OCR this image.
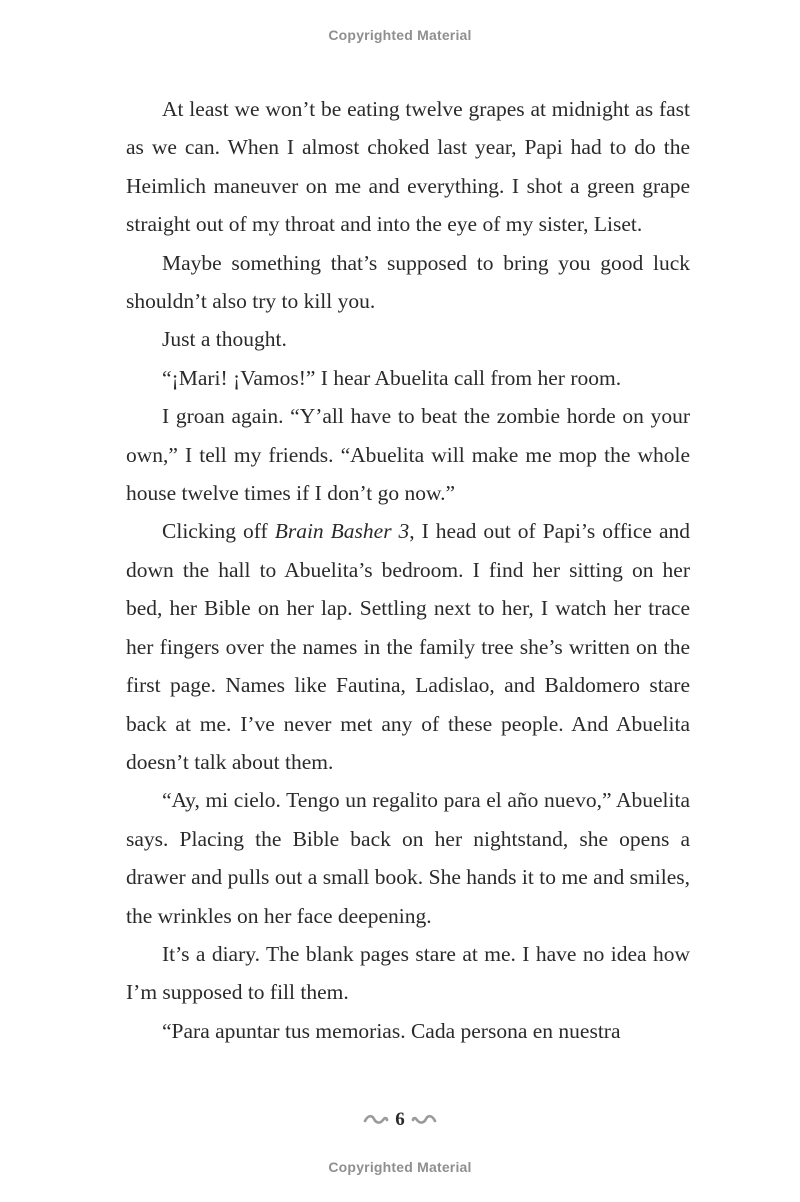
Copyrighted Material

At least we won’t be eating twelve grapes at midnight as fast as we can. When I almost choked last year, Papi had to do the Heimlich maneuver on me and everything. I shot a green grape straight out of my throat and into the eye of my sister, Liset.

Maybe something that’s supposed to bring you good luck shouldn’t also try to kill you.

Just a thought.

“¡Mari! ¡Vamos!” I hear Abuelita call from her room.

I groan again. “Y’all have to beat the zombie horde on your own,” I tell my friends. “Abuelita will make me mop the whole house twelve times if I don’t go now.”

Clicking off Brain Basher 3, I head out of Papi’s office and down the hall to Abuelita’s bedroom. I find her sitting on her bed, her Bible on her lap. Settling next to her, I watch her trace her fingers over the names in the family tree she’s written on the first page. Names like Fautina, Ladislao, and Baldomero stare back at me. I’ve never met any of these people. And Abuelita doesn’t talk about them.

“Ay, mi cielo. Tengo un regalito para el año nuevo,” Abuelita says. Placing the Bible back on her nightstand, she opens a drawer and pulls out a small book. She hands it to me and smiles, the wrinkles on her face deepening.

It’s a diary. The blank pages stare at me. I have no idea how I’m supposed to fill them.

“Para apuntar tus memorias. Cada persona en nuestra

6
Copyrighted Material
